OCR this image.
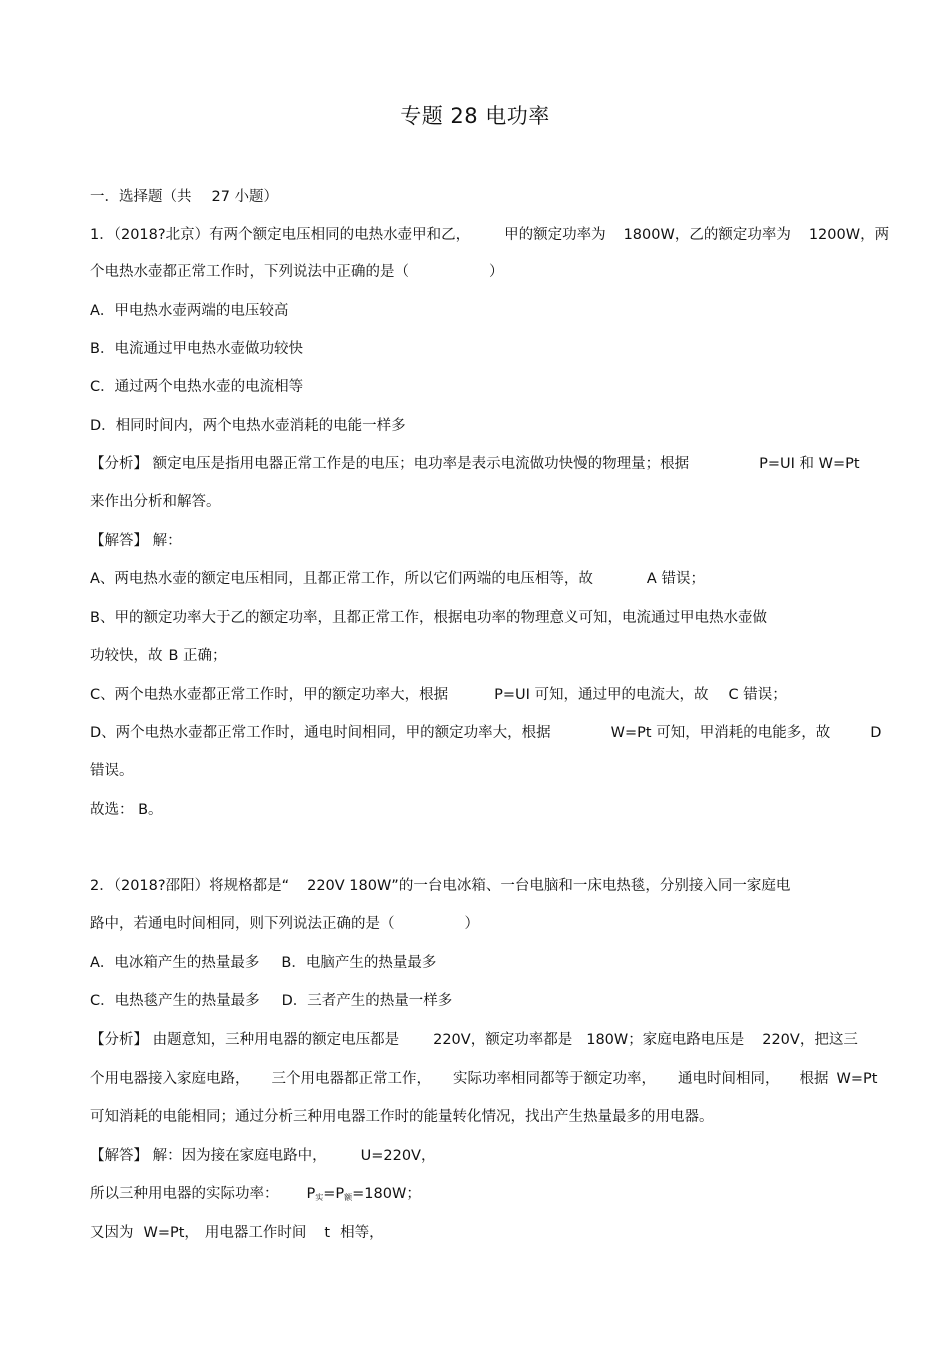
专题 28 电功率
一．选择题（共 27 小题）
1．（2018?北京）有两个额定电压相同的电热水壶甲和乙， 甲的额定功率为 1800W，乙的额定功率为 1200W，两
个电热水壶都正常工作时，下列说法中正确的是（	）
A．甲电热水壶两端的电压较高
B．电流通过甲电热水壶做功较快
C．通过两个电热水壶的电流相等
D．相同时间内，两个电热水壶消耗的电能一样多
【分析】 额定电压是指用电器正常工作是的电压；电功率是表示电流做功快慢的物理量；根据	P=UI 和 W=Pt
来作出分析和解答。
【解答】 解：
A、两电热水壶的额定电压相同，且都正常工作，所以它们两端的电压相等，故	A 错误；
B、甲的额定功率大于乙的额定功率，且都正常工作，根据电功率的物理意义可知，电流通过甲电热水壶做
功较快，故 B 正确；
C、两个电热水壶都正常工作时，甲的额定功率大，根据	P=UI 可知，通过甲的电流大，故 C 错误；
D、两个电热水壶都正常工作时，通电时间相同，甲的额定功率大，根据	W=Pt 可知，甲消耗的电能多，故	D
错误。
故选： B。
2．（2018?邵阳）将规格都是“ 220V 180W”的一台电冰箱、一台电脑和一床电热毯，分别接入同一家庭电
路中，若通电时间相同，则下列说法正确的是（	）
A．电冰箱产生的热量最多 B．电脑产生的热量最多
C．电热毯产生的热量最多 D．三者产生的热量一样多
【分析】 由题意知，三种用电器的额定电压都是 220V，额定功率都是 180W；家庭电路电压是 220V，把这三
个用电器接入家庭电路， 三个用电器都正常工作， 实际功率相同都等于额定功率， 通电时间相同， 根据 W=Pt
可知消耗的电能相同；通过分析三种用电器工作时的能量转化情况，找出产生热量最多的用电器。
【解答】 解：因为接在家庭电路中， U=220V，
所以三种用电器的实际功率： $P_实=P_额=180W$；
又因为 W=Pt， 用电器工作时间 t 相等，
